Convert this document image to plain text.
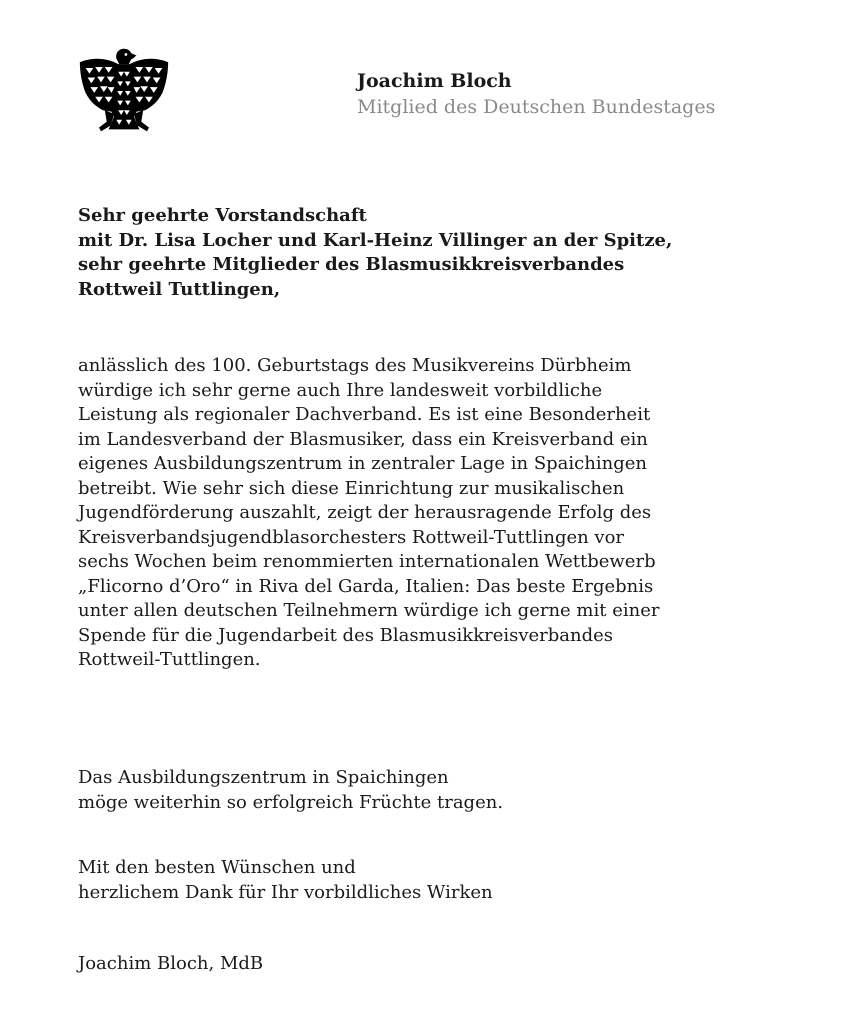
Joachim Bloch
Mitglied des Deutschen Bundestages
Sehr geehrte Vorstandschaft
mit Dr. Lisa Locher und Karl-Heinz Villinger an der Spitze,
sehr geehrte Mitglieder des Blasmusikkreisverbandes
Rottweil Tuttlingen,
anlässlich des 100. Geburtstags des Musikvereins Dürbheim
würdige ich sehr gerne auch Ihre landesweit vorbildliche
Leistung als regionaler Dachverband. Es ist eine Besonderheit
im Landesverband der Blasmusiker, dass ein Kreisverband ein
eigenes Ausbildungszentrum in zentraler Lage in Spaichingen
betreibt. Wie sehr sich diese Einrichtung zur musikalischen
Jugendförderung auszahlt, zeigt der herausragende Erfolg des
Kreisverbandsjugendblasorchesters Rottweil-Tuttlingen vor
sechs Wochen beim renommierten internationalen Wettbewerb
„Flicorno d’Oro“ in Riva del Garda, Italien: Das beste Ergebnis
unter allen deutschen Teilnehmern würdige ich gerne mit einer
Spende für die Jugendarbeit des Blasmusikkreisverbandes
Rottweil-Tuttlingen.
Das Ausbildungszentrum in Spaichingen
möge weiterhin so erfolgreich Früchte tragen.
Mit den besten Wünschen und
herzlichem Dank für Ihr vorbildliches Wirken
Joachim Bloch, MdB
